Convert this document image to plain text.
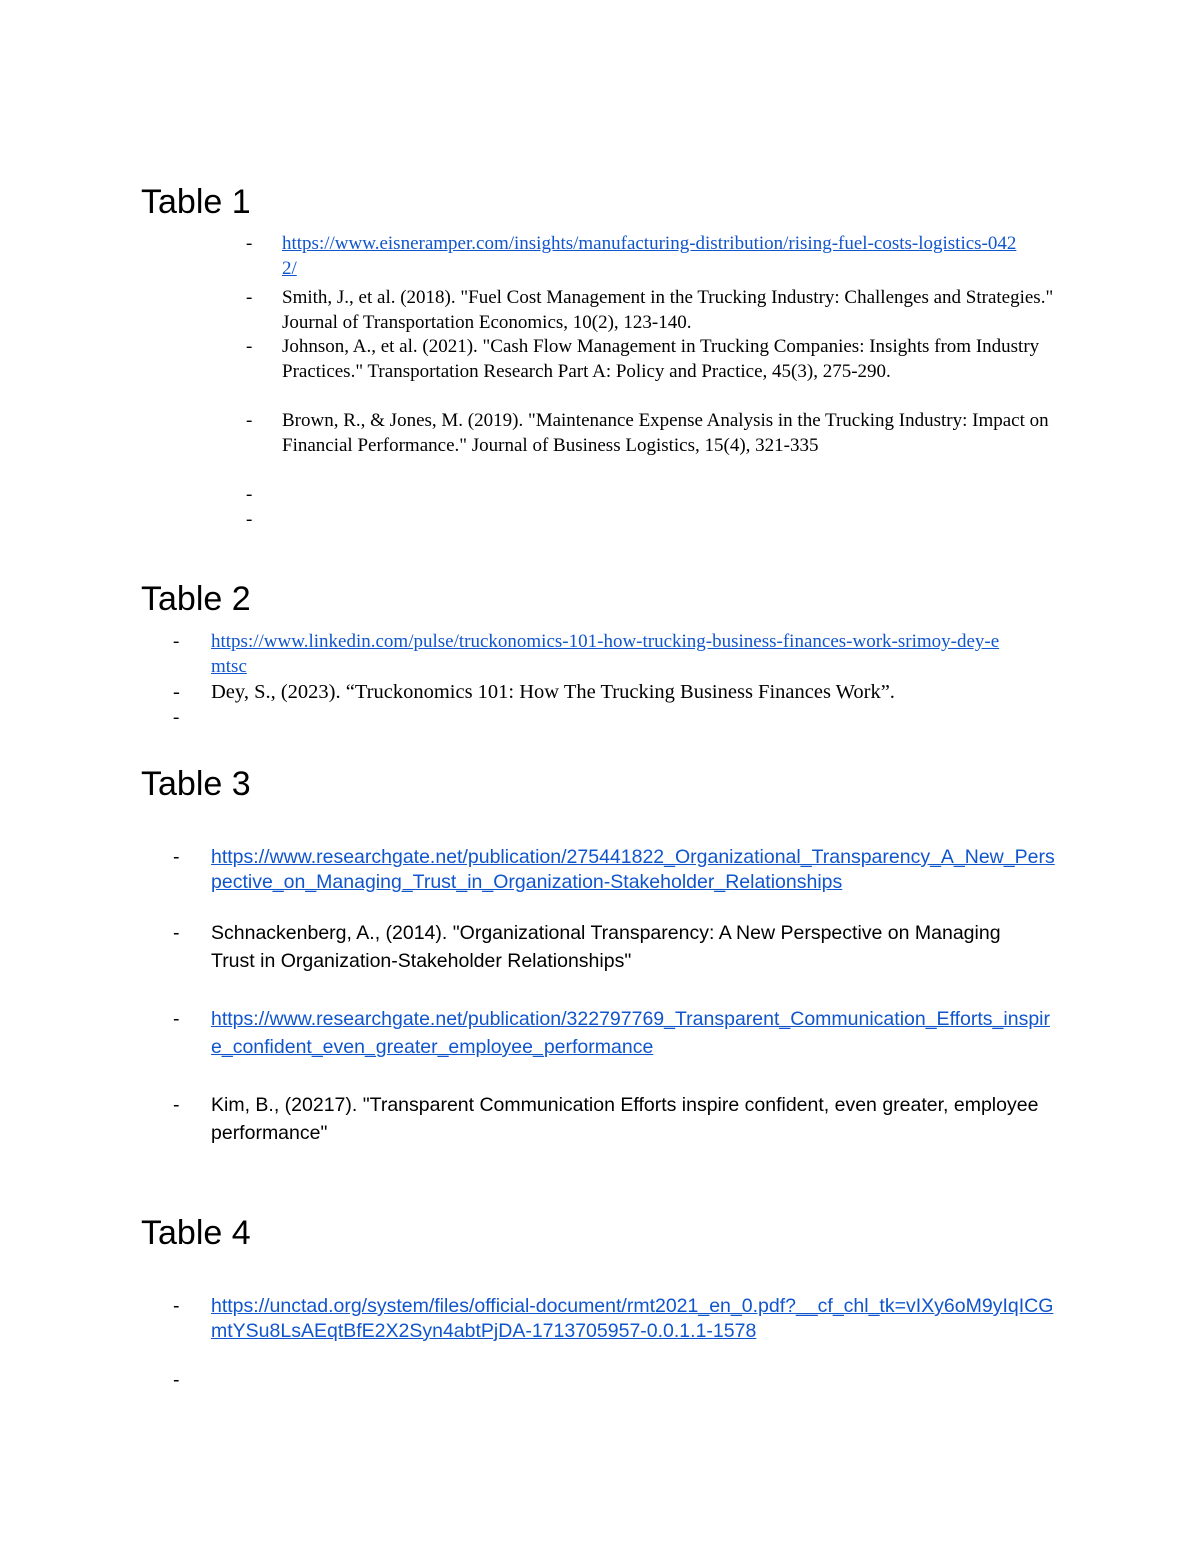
Table 1
- https://www.eisneramper.com/insights/manufacturing-distribution/rising-fuel-costs-logistics-0422/
- Smith, J., et al. (2018). "Fuel Cost Management in the Trucking Industry: Challenges and Strategies." Journal of Transportation Economics, 10(2), 123-140.
- Johnson, A., et al. (2021). "Cash Flow Management in Trucking Companies: Insights from Industry Practices." Transportation Research Part A: Policy and Practice, 45(3), 275-290.
- Brown, R., & Jones, M. (2019). "Maintenance Expense Analysis in the Trucking Industry: Impact on Financial Performance." Journal of Business Logistics, 15(4), 321-335
-
-
Table 2
- https://www.linkedin.com/pulse/truckonomics-101-how-trucking-business-finances-work-srimoy-dey-emtsc
- Dey, S., (2023). “Truckonomics 101: How The Trucking Business Finances Work”.
-
Table 3
- https://www.researchgate.net/publication/275441822_Organizational_Transparency_A_New_Perspective_on_Managing_Trust_in_Organization-Stakeholder_Relationships
- Schnackenberg, A., (2014). "Organizational Transparency: A New Perspective on Managing Trust in Organization-Stakeholder Relationships"
- https://www.researchgate.net/publication/322797769_Transparent_Communication_Efforts_inspire_confident_even_greater_employee_performance
- Kim, B., (20217). "Transparent Communication Efforts inspire confident, even greater, employee performance"
Table 4
- https://unctad.org/system/files/official-document/rmt2021_en_0.pdf?__cf_chl_tk=vIXy6oM9yIqICGmtYSu8LsAEqtBfE2X2Syn4abtPjDA-1713705957-0.0.1.1-1578
-
